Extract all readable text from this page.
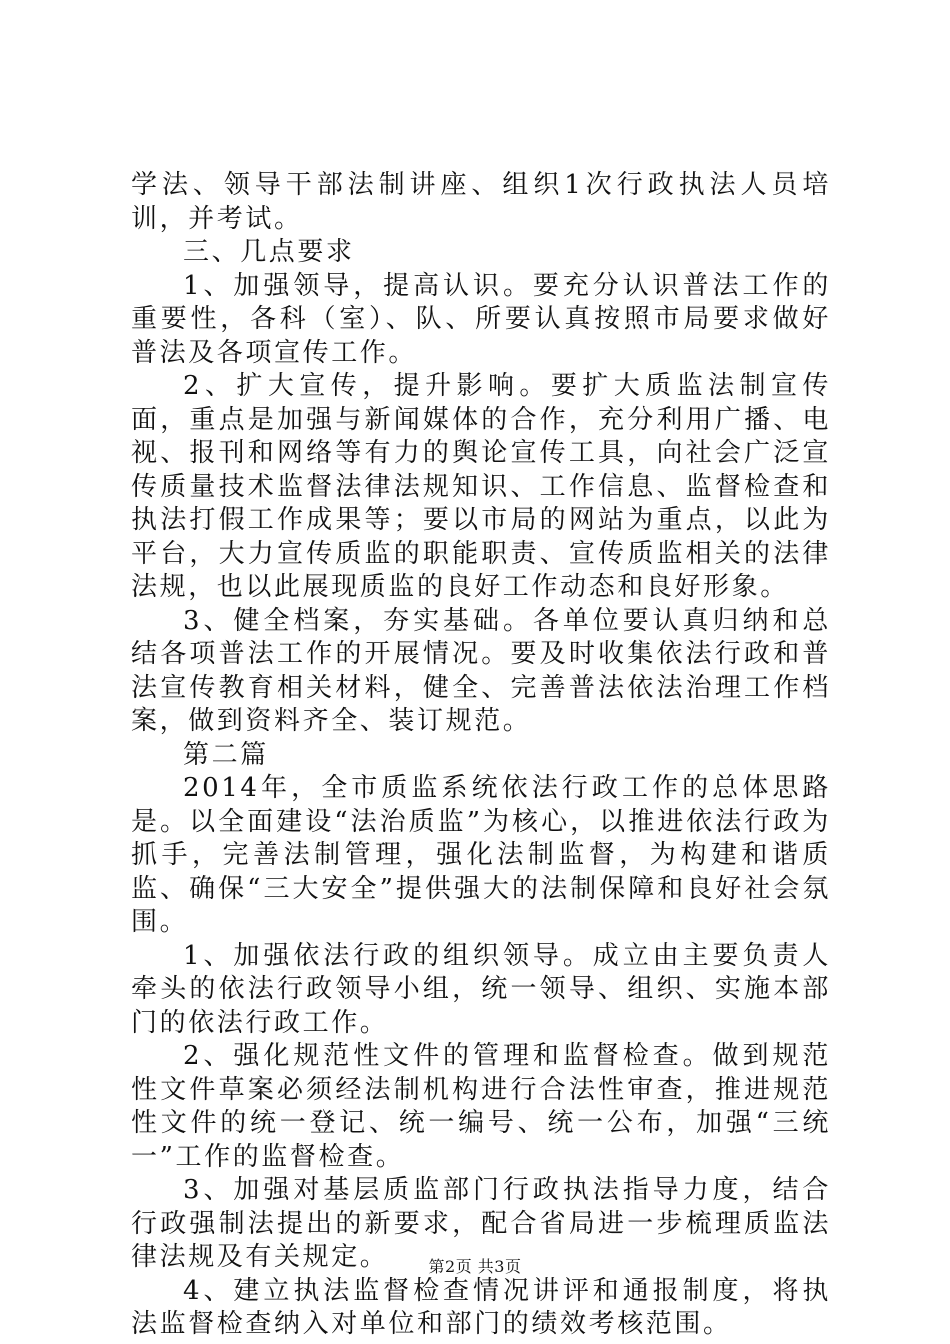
学法、领导干部法制讲座、组织1次行政执法人员培训，并考试。

三、几点要求

1、加强领导，提高认识。要充分认识普法工作的重要性，各科（室）、队、所要认真按照市局要求做好普法及各项宣传工作。

2、扩大宣传，提升影响。要扩大质监法制宣传面，重点是加强与新闻媒体的合作，充分利用广播、电视、报刊和网络等有力的舆论宣传工具，向社会广泛宣传质量技术监督法律法规知识、工作信息、监督检查和执法打假工作成果等；要以市局的网站为重点，以此为平台，大力宣传质监的职能职责、宣传质监相关的法律法规，也以此展现质监的良好工作动态和良好形象。

3、健全档案，夯实基础。各单位要认真归纳和总结各项普法工作的开展情况。要及时收集依法行政和普法宣传教育相关材料，健全、完善普法依法治理工作档案，做到资料齐全、装订规范。

第二篇

2014年，全市质监系统依法行政工作的总体思路是。以全面建设“法治质监”为核心，以推进依法行政为抓手，完善法制管理，强化法制监督，为构建和谐质监、确保“三大安全”提供强大的法制保障和良好社会氛围。

1、加强依法行政的组织领导。成立由主要负责人牵头的依法行政领导小组，统一领导、组织、实施本部门的依法行政工作。

2、强化规范性文件的管理和监督检查。做到规范性文件草案必须经法制机构进行合法性审查，推进规范性文件的统一登记、统一编号、统一公布，加强“三统一”工作的监督检查。

3、加强对基层质监部门行政执法指导力度，结合行政强制法提出的新要求，配合省局进一步梳理质监法律法规及有关规定。

4、建立执法监督检查情况讲评和通报制度，将执法监督检查纳入对单位和部门的绩效考核范围。

第2页 共3页
